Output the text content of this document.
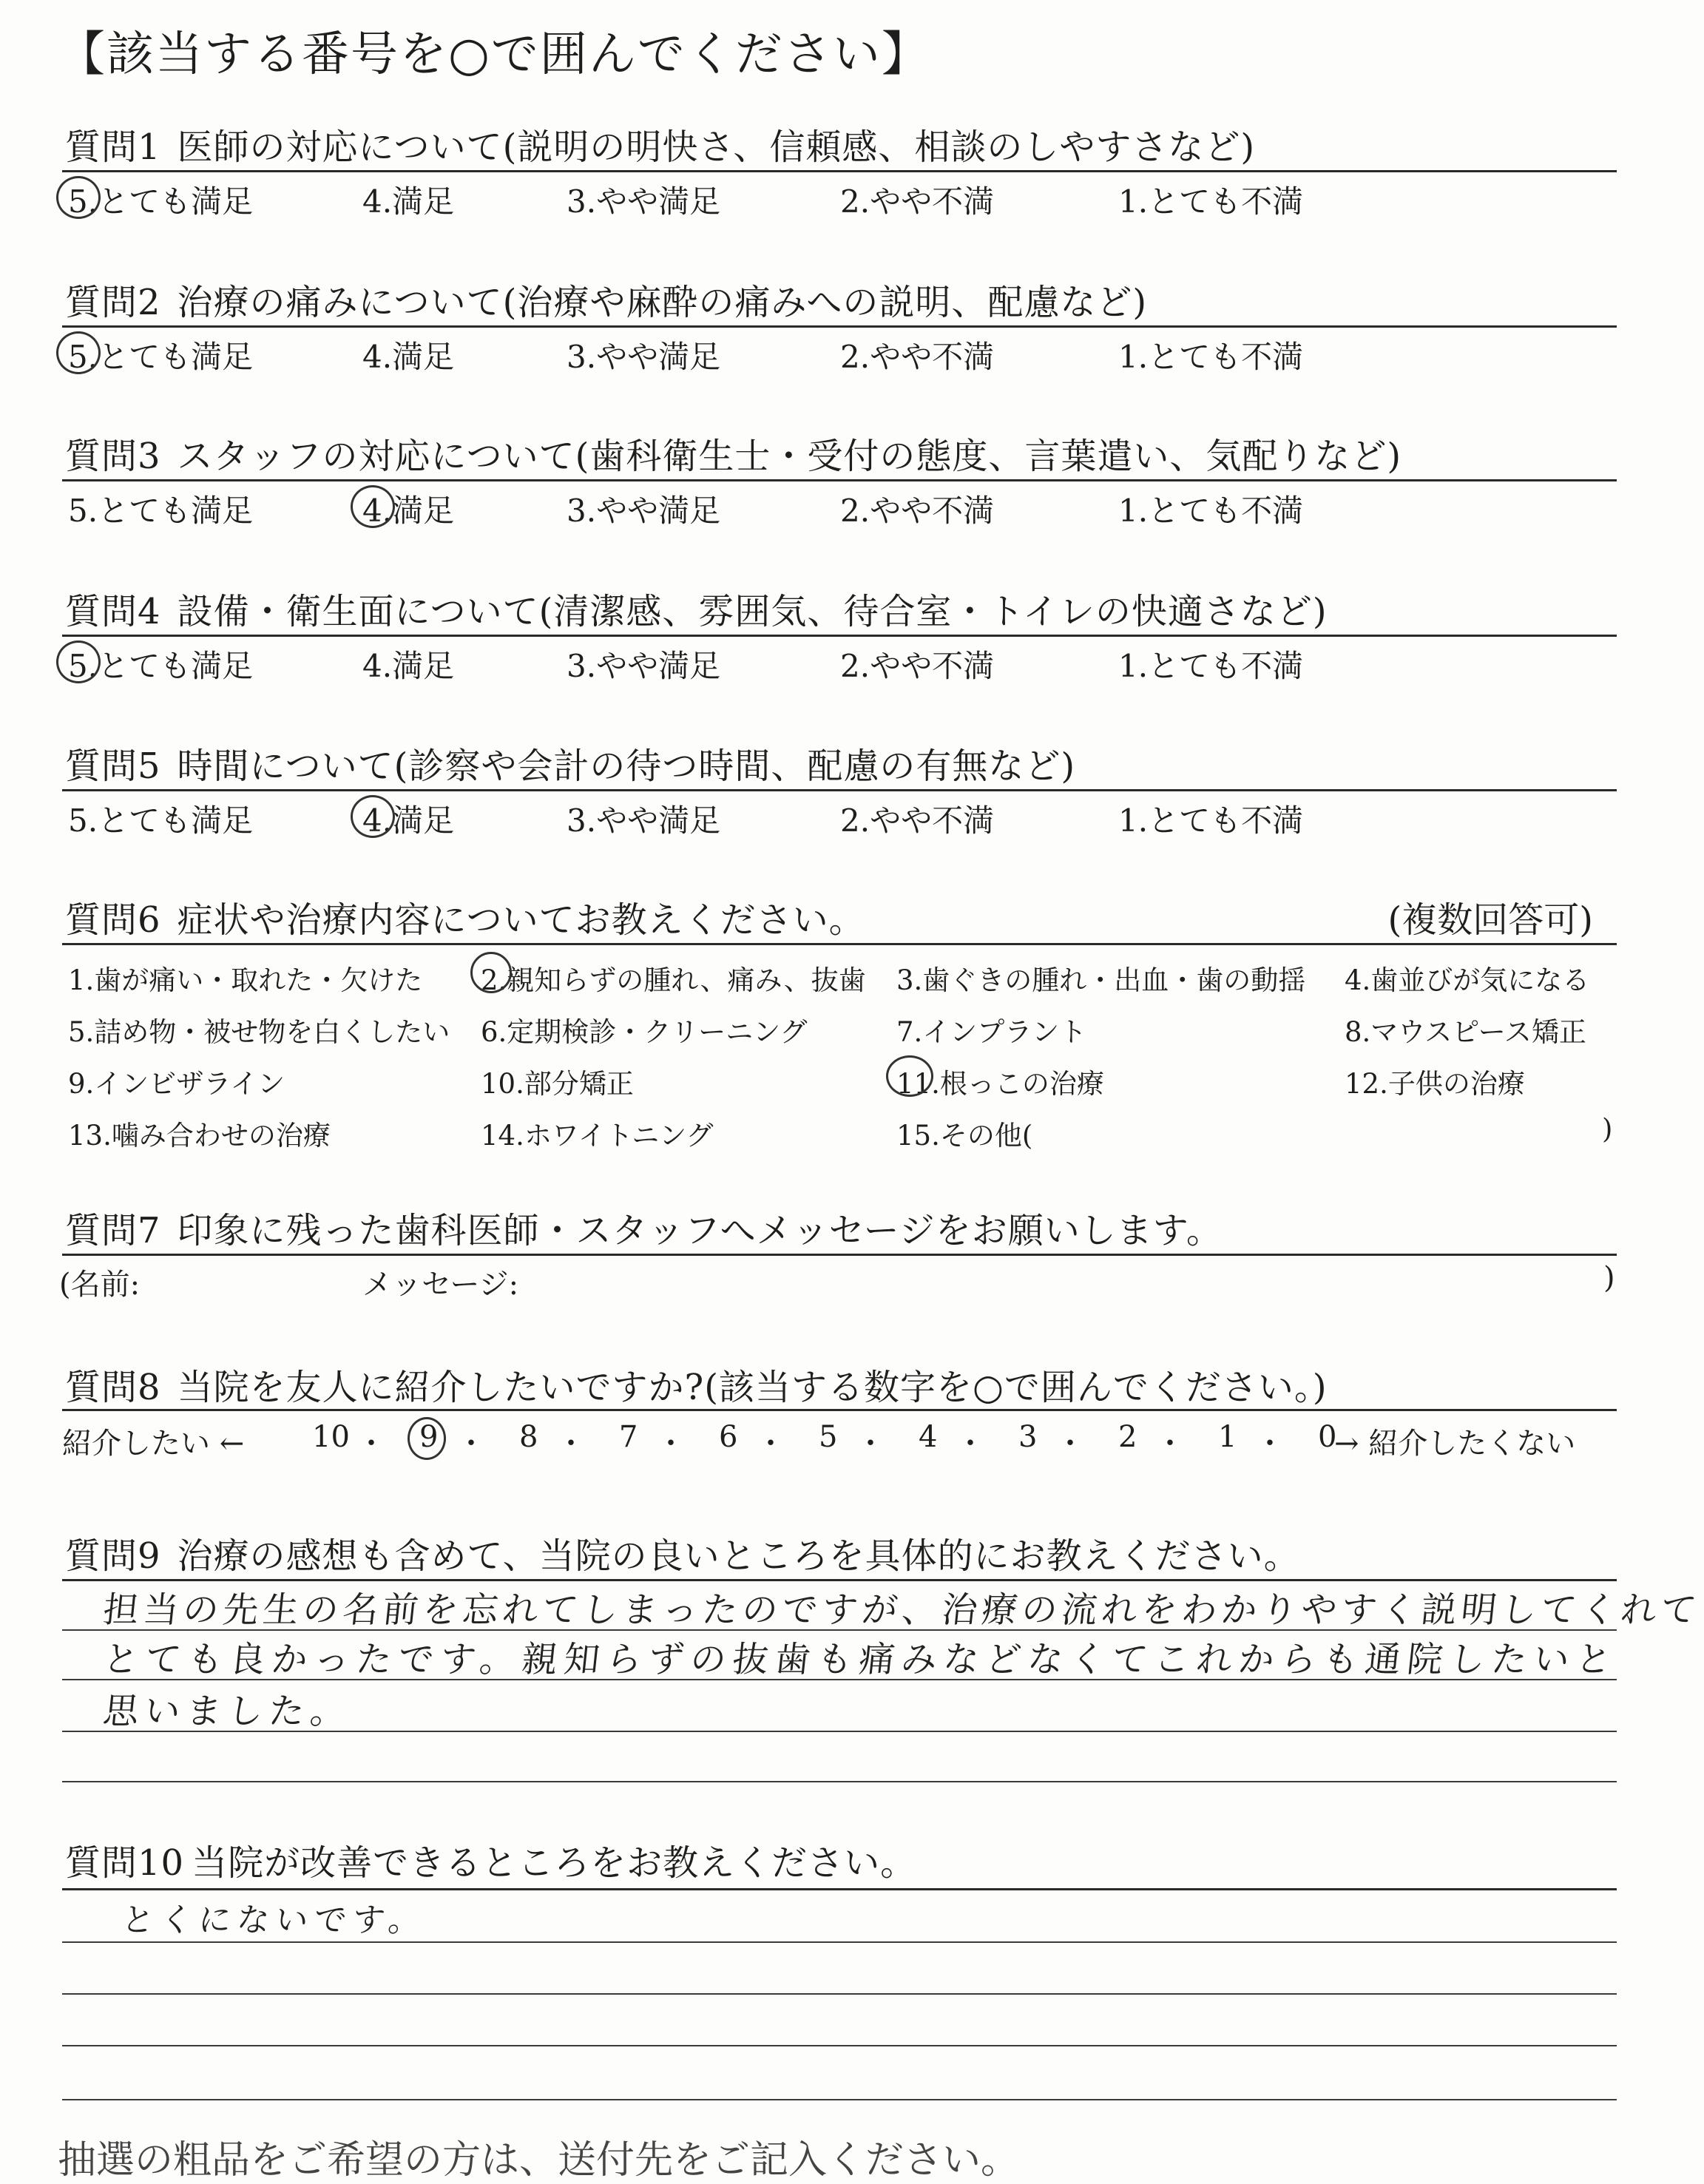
【該当する番号を○で囲んでください】
質問1 医師の対応について(説明の明快さ、信頼感、相談のしやすさなど)
5.とても満足	4.満足	3.やや満足	2.やや不満	1.とても不満
質問2 治療の痛みについて(治療や麻酔の痛みへの説明、配慮など)
5.とても満足	4.満足	3.やや満足	2.やや不満	1.とても不満
質問3 スタッフの対応について(歯科衛生士・受付の態度、言葉遣い、気配りなど)
5.とても満足	4.満足	3.やや満足	2.やや不満	1.とても不満
質問4 設備・衛生面について(清潔感、雰囲気、待合室・トイレの快適さなど)
5.とても満足	4.満足	3.やや満足	2.やや不満	1.とても不満
質問5 時間について(診察や会計の待つ時間、配慮の有無など)
5.とても満足	4.満足	3.やや満足	2.やや不満	1.とても不満
質問6 症状や治療内容についてお教えください。	(複数回答可)
1.歯が痛い・取れた・欠けた 2.親知らずの腫れ、痛み、抜歯 3.歯ぐきの腫れ・出血・歯の動揺 4.歯並びが気になる
5.詰め物・被せ物を白くしたい 6.定期検診・クリーニング	7.インプラント	8.マウスピース矯正
9.インビザライン	10.部分矯正	11.根っこの治療	12.子供の治療
13.噛み合わせの治療	14.ホワイトニング	15.その他(	)
質問7 印象に残った歯科医師・スタッフへメッセージをお願いします。
(名前:	メッセージ:	)
質問8 当院を友人に紹介したいですか?(該当する数字を○で囲んでください。)
紹介したい ← 10 ・ 9 ・ 8 ・ 7 ・ 6 ・ 5 ・ 4 ・ 3 ・ 2 ・ 1 ・ 0
→ 紹介したくない
質問9 治療の感想も含めて、当院の良いところを具体的にお教えください。
担当の先生の名前を忘れてしまったのですが、治療の流れをわかりやすく説明してくれて
とても良かったです。親知らずの抜歯も痛みなどなくてこれからも通院したいと
思いました。
質問10 当院が改善できるところをお教えください。
とくにないです。
抽選の粗品をご希望の方は、送付先をご記入ください。
